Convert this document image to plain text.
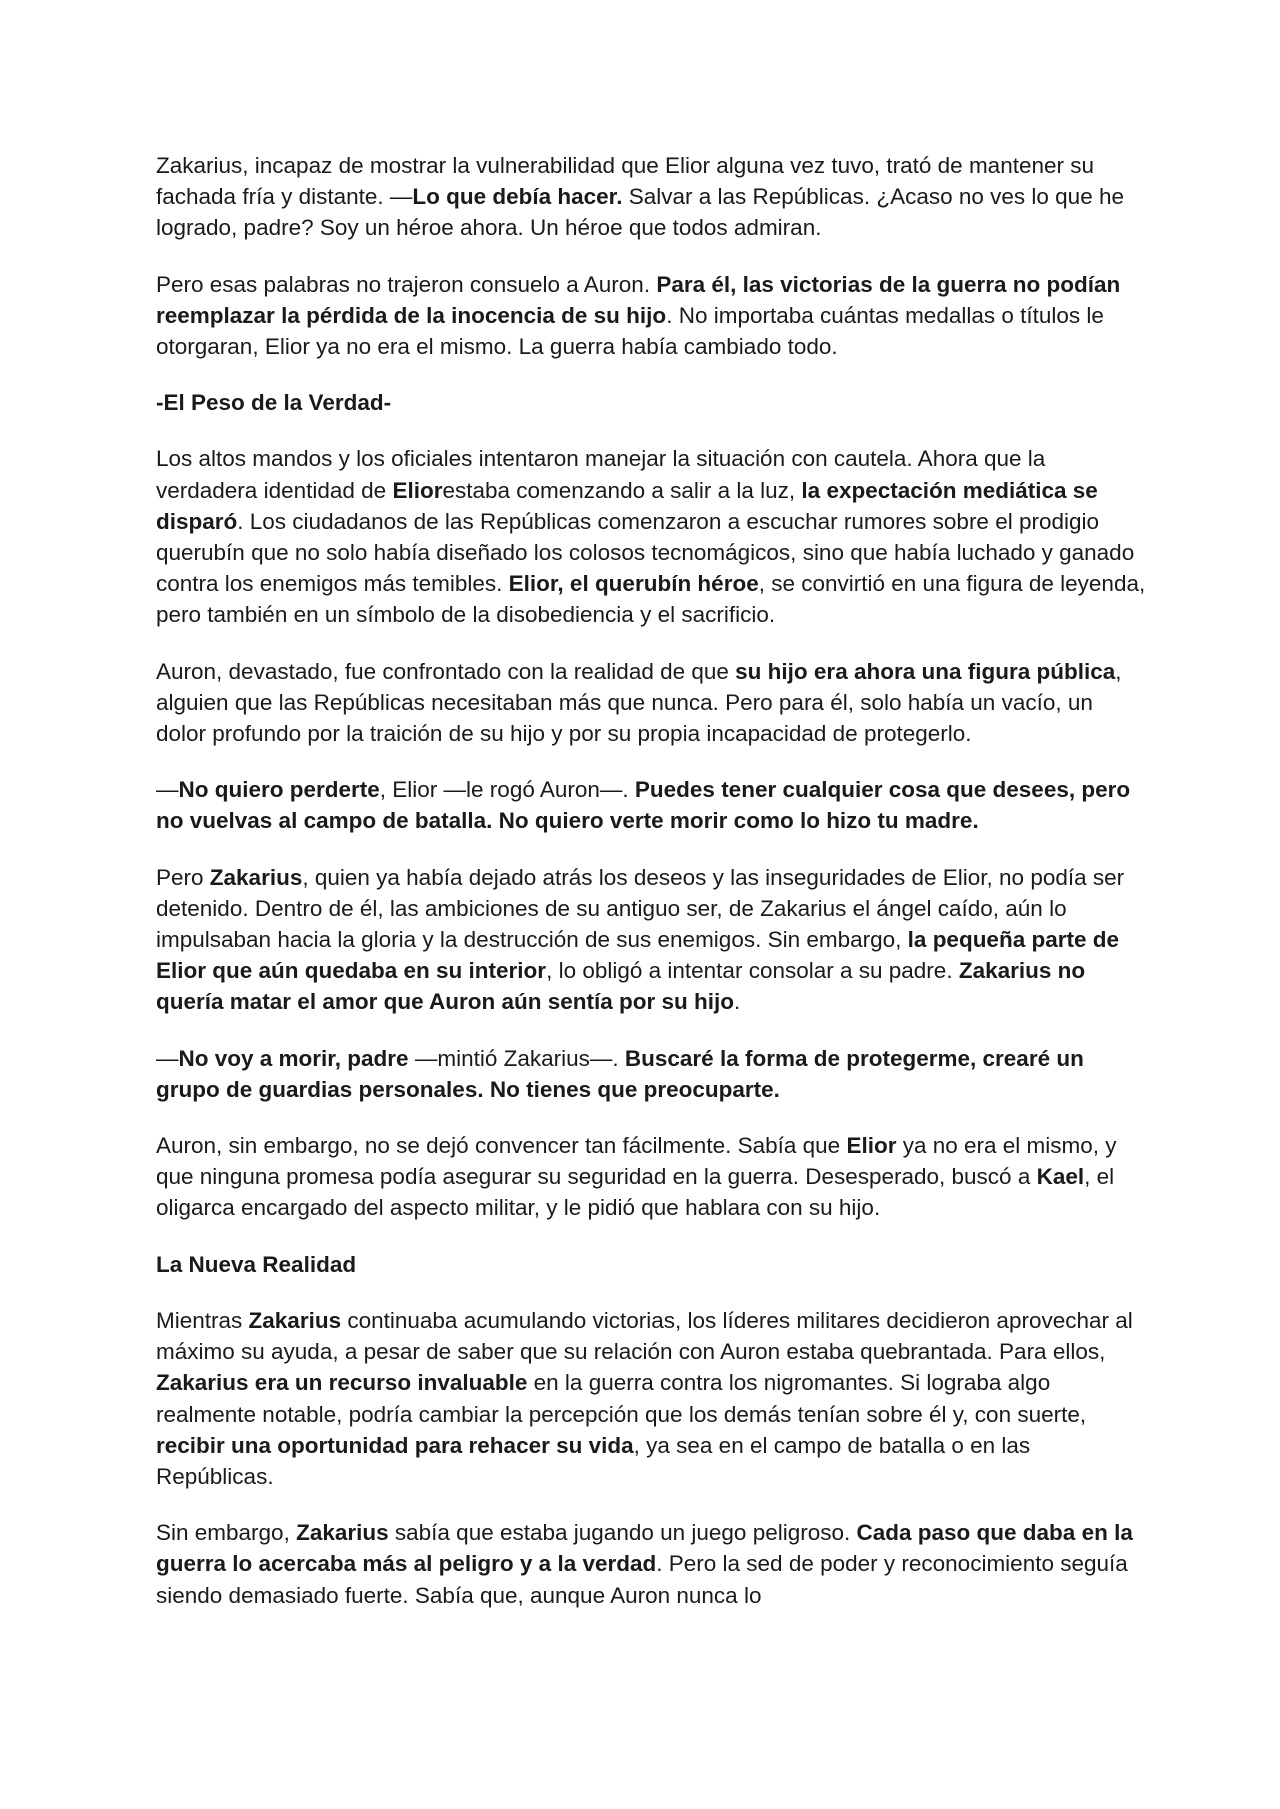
Zakarius, incapaz de mostrar la vulnerabilidad que Elior alguna vez tuvo, trató de mantener su fachada fría y distante. —Lo que debía hacer. Salvar a las Repúblicas. ¿Acaso no ves lo que he logrado, padre? Soy un héroe ahora. Un héroe que todos admiran.

Pero esas palabras no trajeron consuelo a Auron. Para él, las victorias de la guerra no podían reemplazar la pérdida de la inocencia de su hijo. No importaba cuántas medallas o títulos le otorgaran, Elior ya no era el mismo. La guerra había cambiado todo.

-El Peso de la Verdad-

Los altos mandos y los oficiales intentaron manejar la situación con cautela. Ahora que la verdadera identidad de Eliorestaba comenzando a salir a la luz, la expectación mediática se disparó. Los ciudadanos de las Repúblicas comenzaron a escuchar rumores sobre el prodigio querubín que no solo había diseñado los colosos tecnomágicos, sino que había luchado y ganado contra los enemigos más temibles. Elior, el querubín héroe, se convirtió en una figura de leyenda, pero también en un símbolo de la disobediencia y el sacrificio.

Auron, devastado, fue confrontado con la realidad de que su hijo era ahora una figura pública, alguien que las Repúblicas necesitaban más que nunca. Pero para él, solo había un vacío, un dolor profundo por la traición de su hijo y por su propia incapacidad de protegerlo.

—No quiero perderte, Elior —le rogó Auron—. Puedes tener cualquier cosa que desees, pero no vuelvas al campo de batalla. No quiero verte morir como lo hizo tu madre.

Pero Zakarius, quien ya había dejado atrás los deseos y las inseguridades de Elior, no podía ser detenido. Dentro de él, las ambiciones de su antiguo ser, de Zakarius el ángel caído, aún lo impulsaban hacia la gloria y la destrucción de sus enemigos. Sin embargo, la pequeña parte de Elior que aún quedaba en su interior, lo obligó a intentar consolar a su padre. Zakarius no quería matar el amor que Auron aún sentía por su hijo.

—No voy a morir, padre —mintió Zakarius—. Buscaré la forma de protegerme, crearé un grupo de guardias personales. No tienes que preocuparte.

Auron, sin embargo, no se dejó convencer tan fácilmente. Sabía que Elior ya no era el mismo, y que ninguna promesa podía asegurar su seguridad en la guerra. Desesperado, buscó a Kael, el oligarca encargado del aspecto militar, y le pidió que hablara con su hijo.

La Nueva Realidad

Mientras Zakarius continuaba acumulando victorias, los líderes militares decidieron aprovechar al máximo su ayuda, a pesar de saber que su relación con Auron estaba quebrantada. Para ellos, Zakarius era un recurso invaluable en la guerra contra los nigromantes. Si lograba algo realmente notable, podría cambiar la percepción que los demás tenían sobre él y, con suerte, recibir una oportunidad para rehacer su vida, ya sea en el campo de batalla o en las Repúblicas.

Sin embargo, Zakarius sabía que estaba jugando un juego peligroso. Cada paso que daba en la guerra lo acercaba más al peligro y a la verdad. Pero la sed de poder y reconocimiento seguía siendo demasiado fuerte. Sabía que, aunque Auron nunca lo
